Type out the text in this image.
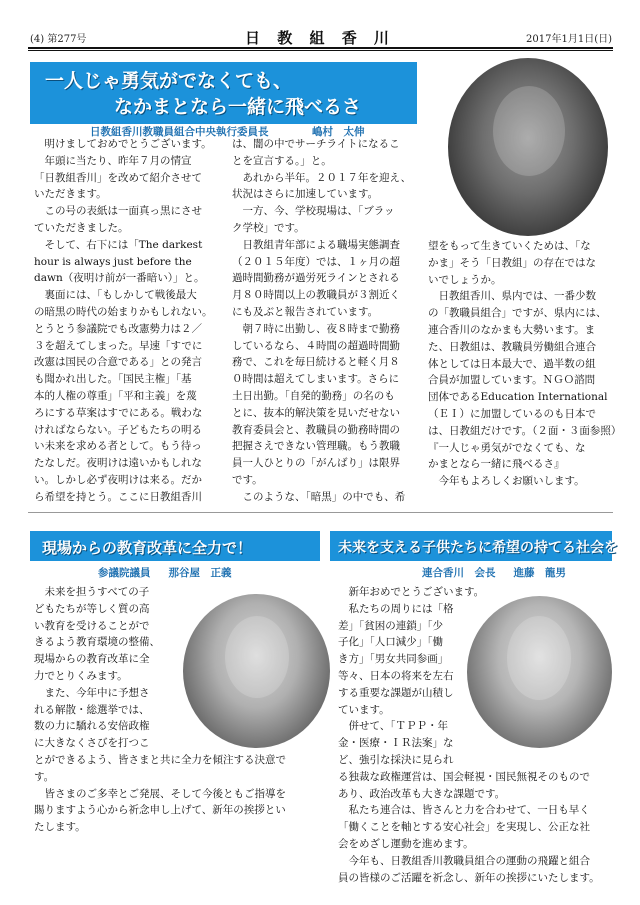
(4) 第277号	日 教 組 香 川	2017年1月1日(日)
一人じゃ勇気がでなくても、
なかまとなら一緒に飛べるさ
日教組香川教職員組合中央執行委員長	嶋村　太伸
　明けましておめでとうございます。
　年頭に当たり、昨年７月の情宣
「日教組香川」を改めて紹介させて
いただきます。
　この号の表紙は一面真っ黒にさせ
ていただきました。
　そして、右下には「The darkest
hour is always just before the
dawn（夜明け前が一番暗い）」と。
　裏面には、「もしかして戦後最大
の暗黒の時代の始まりかもしれない。
とうとう参議院でも改憲勢力は２／
３を超えてしまった。早速「すでに
改憲は国民の合意である」との発言
も聞かれ出した。「国民主権」「基
本的人権の尊重」「平和主義」を蔑
ろにする草案はすでにある。戦わな
ければならない。子どもたちの明る
い未来を求める者として。もう待っ
たなしだ。夜明けは遠いかもしれな
い。しかし必ず夜明けは来る。だか
ら希望を持とう。ここに日教組香川
は、闇の中でサーチライトになるこ
とを宣言する。」と。
　あれから半年。２０１７年を迎え、
状況はさらに加速しています。
　一方、今、学校現場は、「ブラッ
ク学校」です。
　日教組青年部による職場実態調査
（２０１５年度）では、１ヶ月の超
過時間勤務が過労死ラインとされる
月８０時間以上の教職員が３割近く
にも及ぶと報告されています。
　朝７時に出勤し、夜８時まで勤務
しているなら、４時間の超過時間勤
務で、これを毎日続けると軽く月８
０時間は超えてしまいます。さらに
土日出勤。「自発的勤務」の名のも
とに、抜本的解決策を見いだせない
教育委員会と、教職員の勤務時間の
把握さえできない管理職。もう教職
員一人ひとりの「がんばり」は限界
です。
　このような、「暗黒」の中でも、希
望をもって生きていくためは、「な
かま」そう「日教組」の存在ではな
いでしょうか。
　日教組香川、県内では、一番少数
の「教職員組合」ですが、県内には、
連合香川のなかまも大勢います。ま
た、日教組は、教職員労働組合連合
体としては日本最大で、過半数の組
合員が加盟しています。ＮＧＯ諮問
団体であるEducation International
（ＥＩ）に加盟しているのも日本で
は、日教組だけです。（２面・３面参照）
『一人じゃ勇気がでなくても、な
かまとなら一緒に飛べるさ』
　今年もよろしくお願いします。
現場からの教育改革に全力で！
参議院議員 那谷屋　正義
　未来を担うすべての子
どもたちが等しく質の高
い教育を受けることがで
きるよう教育環境の整備、
現場からの教育改革に全
力でとりくみます。
　また、今年中に予想さ
れる解散・総選挙では、
数の力に驕れる安倍政権
に大きなくさびを打つこ
とができるよう、皆さまと共に全力を傾注する決意で
す。
　皆さまのご多幸とご発展、そして今後ともご指導を
賜りますよう心から祈念申し上げて、新年の挨拶とい
たします。
未来を支える子供たちに希望の持てる社会を
連合香川　会長 進藤　龍男
　新年おめでとうございます。
　私たちの周りには「格
差」「貧困の連鎖」「少
子化」「人口減少」「働
き方」「男女共同参画」
等々、日本の将来を左右
する重要な課題が山積し
ています。
　併せて、「ＴＰＰ・年
金・医療・ＩＲ法案」な
ど、強引な採決に見られ
る独裁な政権運営は、国会軽視・国民無視そのもので
あり、政治改革も大きな課題です。
　私たち連合は、皆さんと力を合わせて、一日も早く
「働くことを軸とする安心社会」を実現し、公正な社
会をめざし運動を進めます。
　今年も、日教組香川教職員組合の運動の飛躍と組合
員の皆様のご活躍を祈念し、新年の挨拶にいたします。
